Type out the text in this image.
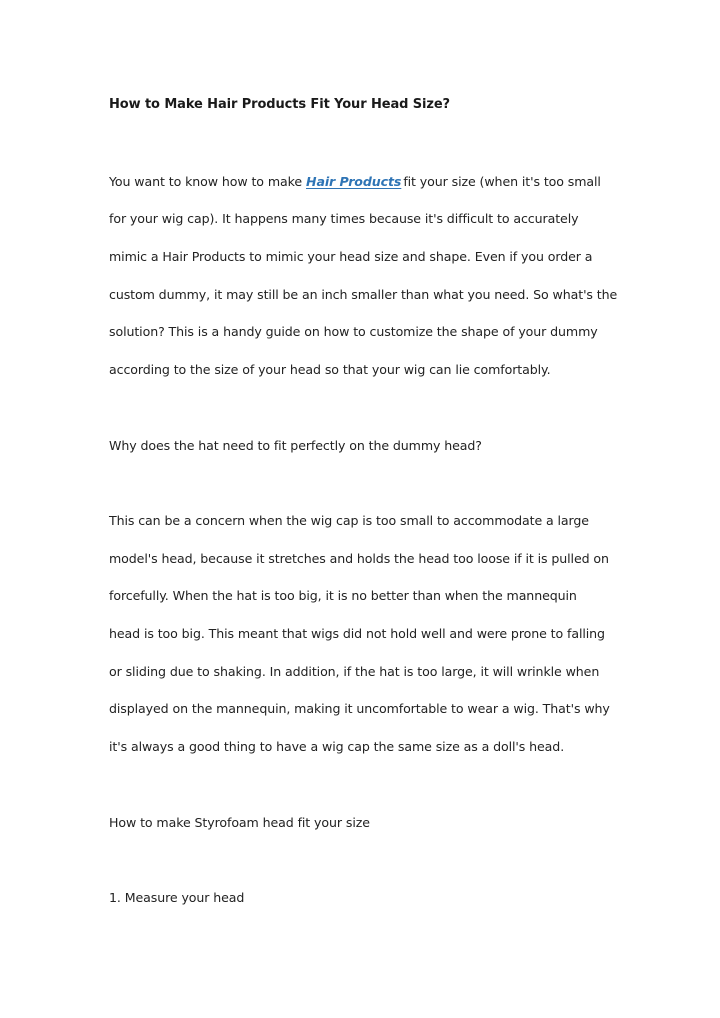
How to Make Hair Products Fit Your Head Size?
You want to know how to make Hair Products fit your size (when it's too small
for your wig cap). It happens many times because it's difficult to accurately
mimic a Hair Products to mimic your head size and shape. Even if you order a
custom dummy, it may still be an inch smaller than what you need. So what's the
solution? This is a handy guide on how to customize the shape of your dummy
according to the size of your head so that your wig can lie comfortably.
Why does the hat need to fit perfectly on the dummy head?
This can be a concern when the wig cap is too small to accommodate a large
model's head, because it stretches and holds the head too loose if it is pulled on
forcefully. When the hat is too big, it is no better than when the mannequin
head is too big. This meant that wigs did not hold well and were prone to falling
or sliding due to shaking. In addition, if the hat is too large, it will wrinkle when
displayed on the mannequin, making it uncomfortable to wear a wig. That's why
it's always a good thing to have a wig cap the same size as a doll's head.
How to make Styrofoam head fit your size
1. Measure your head
